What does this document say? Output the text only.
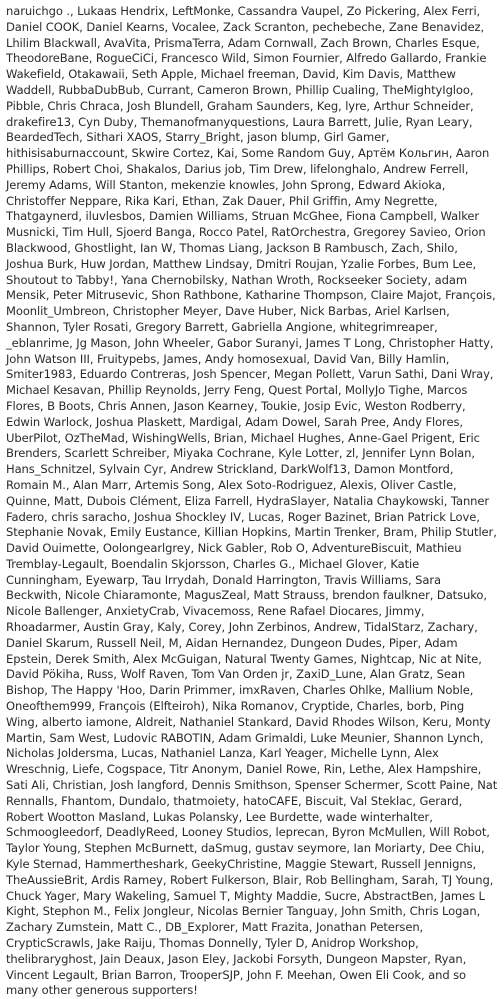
naruichgo ., Lukaas Hendrix, LeftMonke, Cassandra Vaupel, Zo Pickering, Alex Ferri, Daniel COOK, Daniel Kearns, Vocalee, Zack Scranton, pechebeche, Zane Benavidez, Lhilim Blackwall, AvaVita, PrismaTerra, Adam Cornwall, Zach Brown, Charles Esque, TheodoreBane, RogueCiCi, Francesco Wild, Simon Fournier, Alfredo Gallardo, Frankie Wakefield, Otakawaii, Seth Apple, Michael freeman, David, Kim Davis, Matthew Waddell, RubbaDubBub, Currant, Cameron Brown, Phillip Cualing, TheMightyIgloo, Pibble, Chris Chraca, Josh Blundell, Graham Saunders, Keg, lyre, Arthur Schneider, drakefire13, Cyn Duby, Themanofmanyquestions, Laura Barrett, Julie, Ryan Leary, BeardedTech, Sithari XAOS, Starry_Bright, jason blump, Girl Gamer, hithisisaburnaccount, Skwire Cortez, Kai, Some Random Guy, Артём Кольгин, Aaron Phillips, Robert Choi, Shakalos, Darius job, Tim Drew, lifelonghalo, Andrew Ferrell, Jeremy Adams, Will Stanton, mekenzie knowles, John Sprong, Edward Akioka, Christoffer Neppare, Rika Kari, Ethan, Zak Dauer, Phil Griffin, Amy Negrette, Thatgaynerd, iluvlesbos, Damien Williams, Struan McGhee, Fiona Campbell, Walker Musnicki, Tim Hull, Sjoerd Banga, Rocco Patel, RatOrchestra, Gregorey Savieo, Orion Blackwood, Ghostlight, Ian W, Thomas Liang, Jackson B Rambusch, Zach, Shilo, Joshua Burk, Huw Jordan, Matthew Lindsay, Dmitri Roujan, Yzalie Forbes, Bum Lee, Shoutout to Tabby!, Yana Chernobilsky, Nathan Wroth, Rockseeker Society, adam Mensik, Peter Mitrusevic, Shon Rathbone, Katharine Thompson, Claire Majot, François, Moonlit_Umbreon, Christopher Meyer, Dave Huber, Nick Barbas, Ariel Karlsen, Shannon, Tyler Rosati, Gregory Barrett, Gabriella Angione, whitegrimreaper, _eblanrime, Jg Mason, John Wheeler, Gabor Suranyi, James T Long, Christopher Hatty, John Watson III, Fruitypebs, James, Andy homosexual, David Van, Billy Hamlin, Smiter1983, Eduardo Contreras, Josh Spencer, Megan Pollett, Varun Sathi, Dani Wray, Michael Kesavan, Phillip Reynolds, Jerry Feng, Quest Portal, MollyJo Tighe, Marcos Flores, B Boots, Chris Annen, Jason Kearney, Toukie, Josip Evic, Weston Rodberry, Edwin Warlock, Joshua Plaskett, Mardigal, Adam Dowel, Sarah Pree, Andy Flores, UberPilot, OzTheMad, WishingWells, Brian, Michael Hughes, Anne-Gael Prigent, Eric Brenders, Scarlett Schreiber, Miyaka Cochrane, Kyle Lotter, zl, Jennifer Lynn Bolan, Hans_Schnitzel, Sylvain Cyr, Andrew Strickland, DarkWolf13, Damon Montford, Romain M., Alan Marr, Artemis Song, Alex Soto-Rodriguez, Alexis, Oliver Castle, Quinne, Matt, Dubois Clément, Eliza Farrell, HydraSlayer, Natalia Chaykowski, Tanner Fadero, chris saracho, Joshua Shockley IV, Lucas, Roger Bazinet, Brian Patrick Love, Stephanie Novak, Emily Eustance, Killian Hopkins, Martin Trenker, Bram, Philip Stutler, David Ouimette, Oolongearlgrey, Nick Gabler, Rob O, AdventureBiscuit, Mathieu Tremblay-Legault, Boendalin Skjorsson, Charles G., Michael Glover, Katie Cunningham, Eyewarp, Tau Irrydah, Donald Harrington, Travis Williams, Sara Beckwith, Nicole Chiaramonte, MagusZeal, Matt Strauss, brendon faulkner, Datsuko, Nicole Ballenger, AnxietyCrab, Vivacemoss, Rene Rafael Diocares, Jimmy, Rhoadarmer, Austin Gray, Kaly, Corey, John Zerbinos, Andrew, TidalStarz, Zachary, Daniel Skarum, Russell Neil, M, Aidan Hernandez, Dungeon Dudes, Piper, Adam Epstein, Derek Smith, Alex McGuigan, Natural Twenty Games, Nightcap, Nic at Nite, David Pökiha, Russ, Wolf Raven, Tom Van Orden jr, ZaxiD_Lune, Alan Gratz, Sean Bishop, The Happy 'Hoo, Darin Primmer, imxRaven, Charles Ohlke, Mallium Noble, Oneofthem999, François (Elfteiroh), Nika Romanov, Cryptide, Charles, borb, Ping Wing, alberto iamone, Aldreit, Nathaniel Stankard, David Rhodes Wilson, Keru, Monty Martin, Sam West, Ludovic RABOTIN, Adam Grimaldi, Luke Meunier, Shannon Lynch, Nicholas Joldersma, Lucas, Nathaniel Lanza, Karl Yeager, Michelle Lynn, Alex Wreschnig, Liefe, Cogspace, Titr Anonym, Daniel Rowe, Rin, Lethe, Alex Hampshire, Sati Ali, Christian, Josh langford, Dennis Smithson, Spenser Schermer, Scott Paine, Nat Rennalls, Fhantom, Dundalo, thatmoiety, hatoCAFE, Biscuit, Val Steklac, Gerard, Robert Wootton Masland, Lukas Polansky, Lee Burdette, wade winterhalter, Schmoogleedorf, DeadlyReed, Looney Studios, leprecan, Byron McMullen, Will Robot, Taylor Young, Stephen McBurnett, daSmug, gustav seymore, Ian Moriarty, Dee Chiu, Kyle Sternad, Hammertheshark, GeekyChristine, Maggie Stewart, Russell Jennigns, TheAussieBrit, Ardis Ramey, Robert Fulkerson, Blair, Rob Bellingham, Sarah, TJ Young, Chuck Yager, Mary Wakeling, Samuel T, Mighty Maddie, Sucre, AbstractBen, James L Kight, Stephon M., Felix Jongleur, Nicolas Bernier Tanguay, John Smith, Chris Logan, Zachary Zumstein, Matt C., DB_Explorer, Matt Frazita, Jonathan Petersen, CrypticScrawls, Jake Raiju, Thomas Donnelly, Tyler D, Anidrop Workshop, thelibraryghost, Jain Deaux, Jason Eley, Jackobi Forsyth, Dungeon Mapster, Ryan, Vincent Legault, Brian Barron, TrooperSJP, John F. Meehan, Owen Eli Cook, and so many other generous supporters!
